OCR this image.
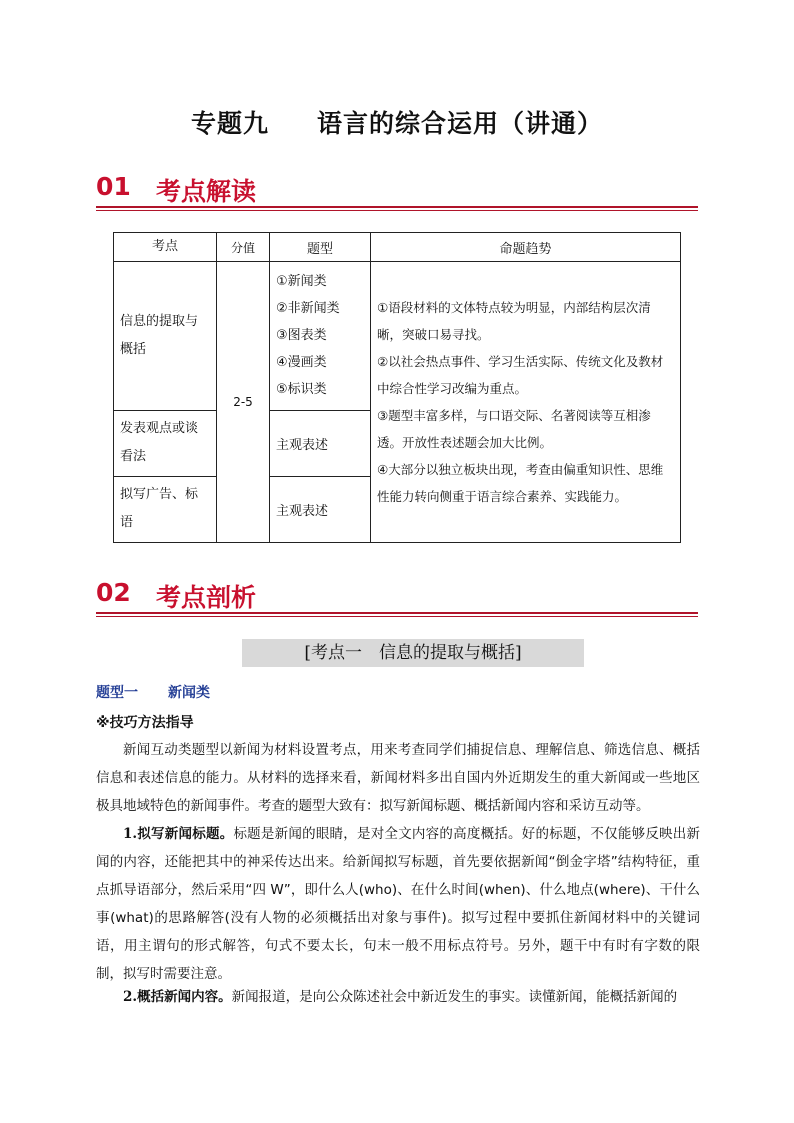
专题九 语言的综合运用（讲通）
01 考点解读
考点	分值	题型	命题趋势
信息的提取与概括	2-5	①新闻类
②非新闻类
③图表类
④漫画类
⑤标识类	①语段材料的文体特点较为明显，内部结构层次清晰，突破口易寻找。
②以社会热点事件、学习生活实际、传统文化及教材中综合性学习改编为重点。
③题型丰富多样，与口语交际、名著阅读等互相渗透。开放性表述题会加大比例。
④大部分以独立板块出现，考查由偏重知识性、思维性能力转向侧重于语言综合素养、实践能力。

发表观点或谈看法		主观表述	
拟写广告、标语		主观表述	
02 考点剖析
[考点一　信息的提取与概括]
题型一 新闻类
※技巧方法指导
新闻互动类题型以新闻为材料设置考点，用来考查同学们捕捉信息、理解信息、筛选信息、概括信息和表述信息的能力。从材料的选择来看，新闻材料多出自国内外近期发生的重大新闻或一些地区极具地域特色的新闻事件。考查的题型大致有：拟写新闻标题、概括新闻内容和采访互动等。
1.拟写新闻标题。标题是新闻的眼睛，是对全文内容的高度概括。好的标题，不仅能够反映出新闻的内容，还能把其中的神采传达出来。给新闻拟写标题，首先要依据新闻“倒金字塔”结构特征，重点抓导语部分，然后采用“四 W”，即什么人(who)、在什么时间(when)、什么地点(where)、干什么事(what)的思路解答(没有人物的必须概括出对象与事件)。拟写过程中要抓住新闻材料中的关键词语，用主谓句的形式解答，句式不要太长，句末一般不用标点符号。另外，题干中有时有字数的限制，拟写时需要注意。
2.概括新闻内容。新闻报道，是向公众陈述社会中新近发生的事实。读懂新闻，能概括新闻的
